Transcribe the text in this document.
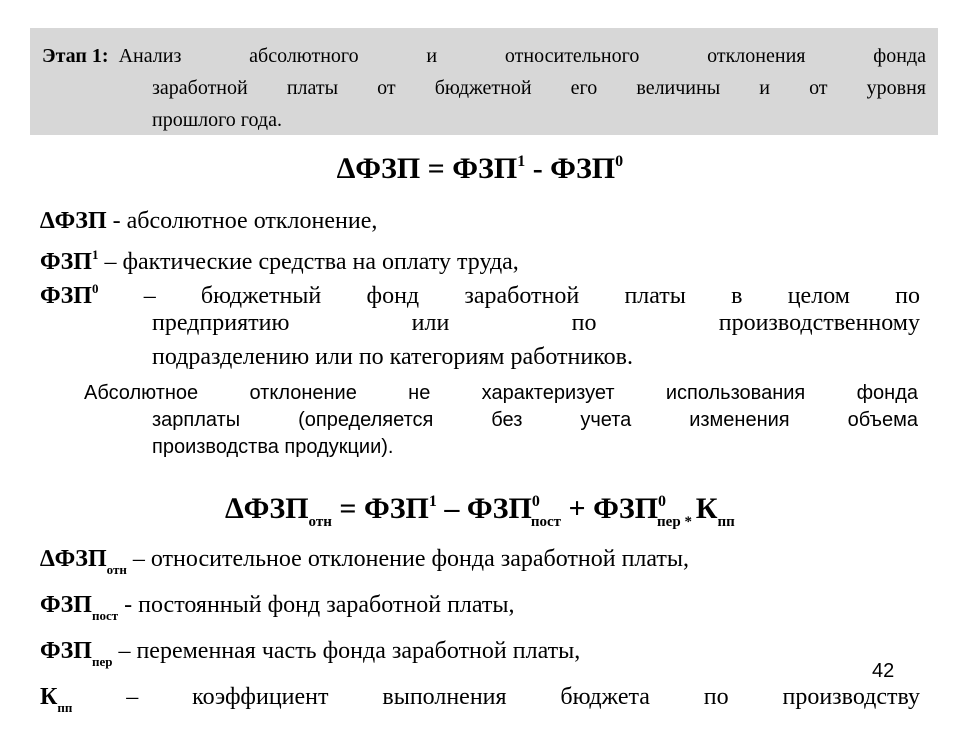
Этап 1: Анализ абсолютного и относительного отклонения фонда
заработной платы от бюджетной его величины и от уровня
прошлого года.
$\Delta ФЗП = ФЗП^1 - ФЗП^0$
∆ФЗП - абсолютное отклонение,
ФЗП$^1$ – фактические средства на оплату труда,
ФЗП$^0$ – бюджетный фонд заработной платы в целом по
предприятию или по производственному
подразделению или по категориям работников.
Абсолютное отклонение не характеризует использования фонда
зарплаты (определяется без учета изменения объема
производства продукции).
$\Delta ФЗП_{отн} = ФЗП^1 - ФЗП^0_{пост} + ФЗП^0_{пер}$ $_*$ $К_{пп}$
$\Delta ФЗП_{отн}$ – относительное отклонение фонда заработной платы,
$ФЗП_{пост}$ - постоянный фонд заработной платы,
$ФЗП_{пер}$ – переменная часть фонда заработной платы,
$К_{пп}$ – коэффициент выполнения бюджета по производству
42
